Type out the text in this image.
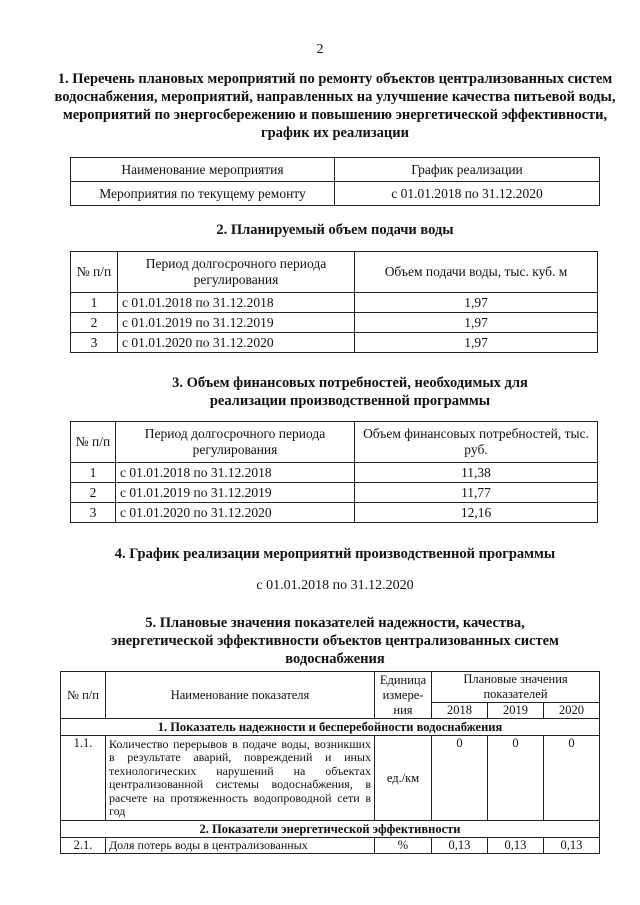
2
1. Перечень плановых мероприятий по ремонту объектов централизованных систем водоснабжения, мероприятий, направленных на улучшение качества питьевой воды, мероприятий по энергосбережению и повышению энергетической эффективности, график их реализации
Наименование мероприятия	График реализации
Мероприятия по текущему ремонту	с 01.01.2018 по 31.12.2020
2. Планируемый объем подачи воды
№ п/п	Период долгосрочного периода регулирования	Объем подачи воды, тыс. куб. м
1	с 01.01.2018 по 31.12.2018	1,97
2	с 01.01.2019 по 31.12.2019	1,97
3	с 01.01.2020 по 31.12.2020	1,97
3. Объем финансовых потребностей, необходимых для реализации производственной программы
№ п/п	Период долгосрочного периода регулирования	Объем финансовых потребностей, тыс. руб.
1	с 01.01.2018 по 31.12.2018	11,38
2	с 01.01.2019 по 31.12.2019	11,77
3	с 01.01.2020 по 31.12.2020	12,16
4. График реализации мероприятий производственной программы
с 01.01.2018 по 31.12.2020
5. Плановые значения показателей надежности, качества, энергетической эффективности объектов централизованных систем водоснабжения
№ п/п	Наименование показателя	Единица измере-ния	Плановые значения показателей		
			2018	2019	2020
1. Показатель надежности и бесперебойности водоснабжения					
1.1.	Количество перерывов в подаче воды, возникших в результате аварий, повреждений и иных технологических нарушений на объектах централизованной системы водоснабжения, в расчете на протяженность водопроводной сети в год	ед./км	0	0	0
2. Показатели энергетической эффективности					
2.1.	Доля потерь воды в централизованных	%	0,13	0,13	0,13
